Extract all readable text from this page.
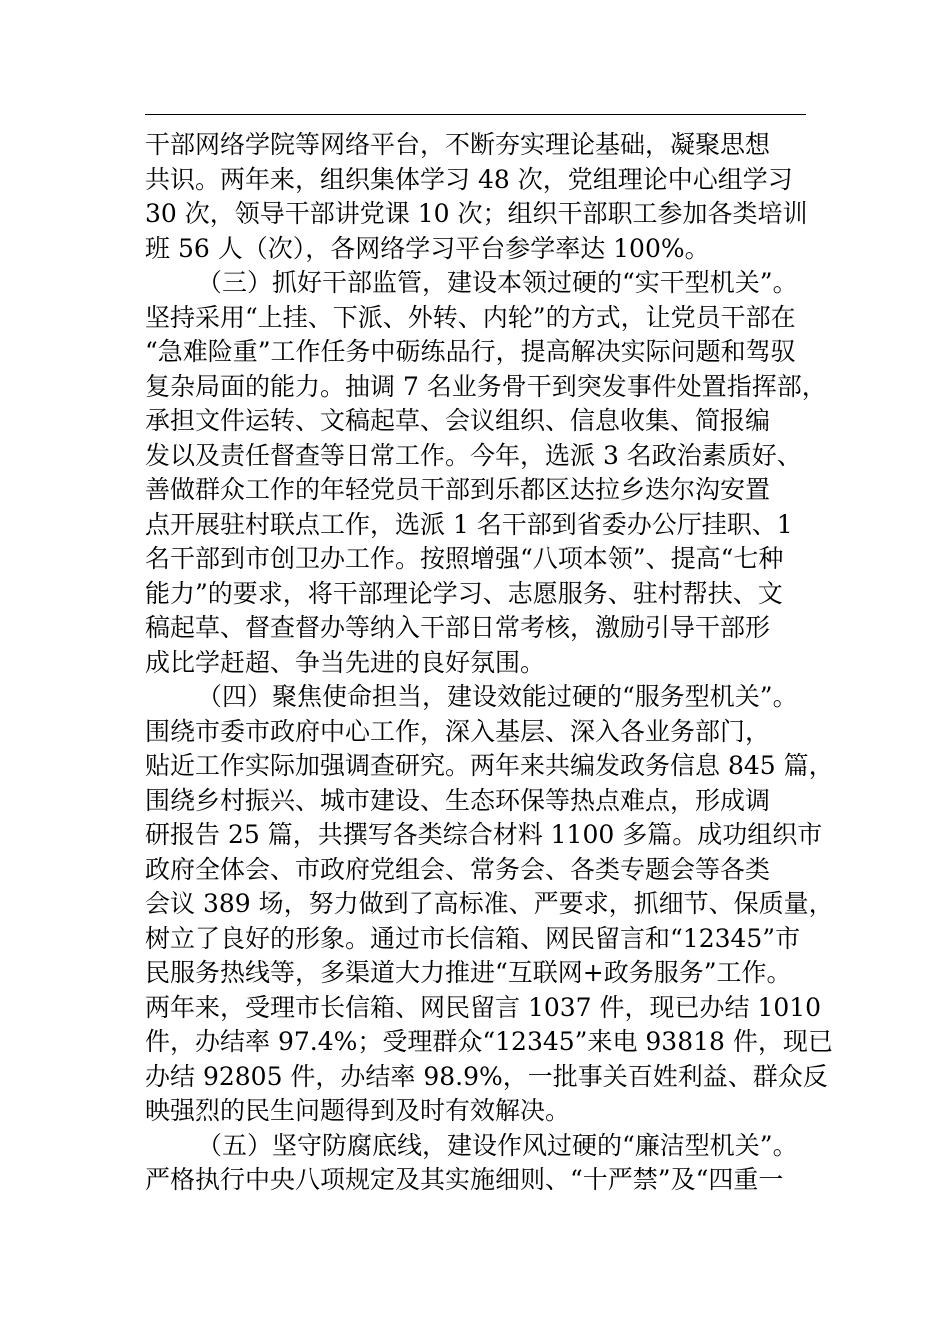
干部网络学院等网络平台，不断夯实理论基础，凝聚思想
共识。两年来，组织集体学习 48 次，党组理论中心组学习
30 次，领导干部讲党课 10 次；组织干部职工参加各类培训
班 56 人（次），各网络学习平台参学率达 100%。
（三）抓好干部监管，建设本领过硬的“实干型机关”。
坚持采用“上挂、下派、外转、内轮”的方式，让党员干部在
“急难险重”工作任务中砺练品行，提高解决实际问题和驾驭
复杂局面的能力。抽调 7 名业务骨干到突发事件处置指挥部，
承担文件运转、文稿起草、会议组织、信息收集、简报编
发以及责任督查等日常工作。今年，选派 3 名政治素质好、
善做群众工作的年轻党员干部到乐都区达拉乡迭尔沟安置
点开展驻村联点工作，选派 1 名干部到省委办公厅挂职、1
名干部到市创卫办工作。按照增强“八项本领”、提高“七种
能力”的要求，将干部理论学习、志愿服务、驻村帮扶、文
稿起草、督查督办等纳入干部日常考核，激励引导干部形
成比学赶超、争当先进的良好氛围。
（四）聚焦使命担当，建设效能过硬的“服务型机关”。
围绕市委市政府中心工作，深入基层、深入各业务部门，
贴近工作实际加强调查研究。两年来共编发政务信息 845 篇，
围绕乡村振兴、城市建设、生态环保等热点难点，形成调
研报告 25 篇，共撰写各类综合材料 1100 多篇。成功组织市
政府全体会、市政府党组会、常务会、各类专题会等各类
会议 389 场，努力做到了高标准、严要求，抓细节、保质量，
树立了良好的形象。通过市长信箱、网民留言和“12345”市
民服务热线等，多渠道大力推进“互联网+政务服务”工作。
两年来，受理市长信箱、网民留言 1037 件，现已办结 1010
件，办结率 97.4%；受理群众“12345”来电 93818 件，现已
办结 92805 件，办结率 98.9%，一批事关百姓利益、群众反
映强烈的民生问题得到及时有效解决。
（五）坚守防腐底线，建设作风过硬的“廉洁型机关”。
严格执行中央八项规定及其实施细则、“十严禁”及“四重一
